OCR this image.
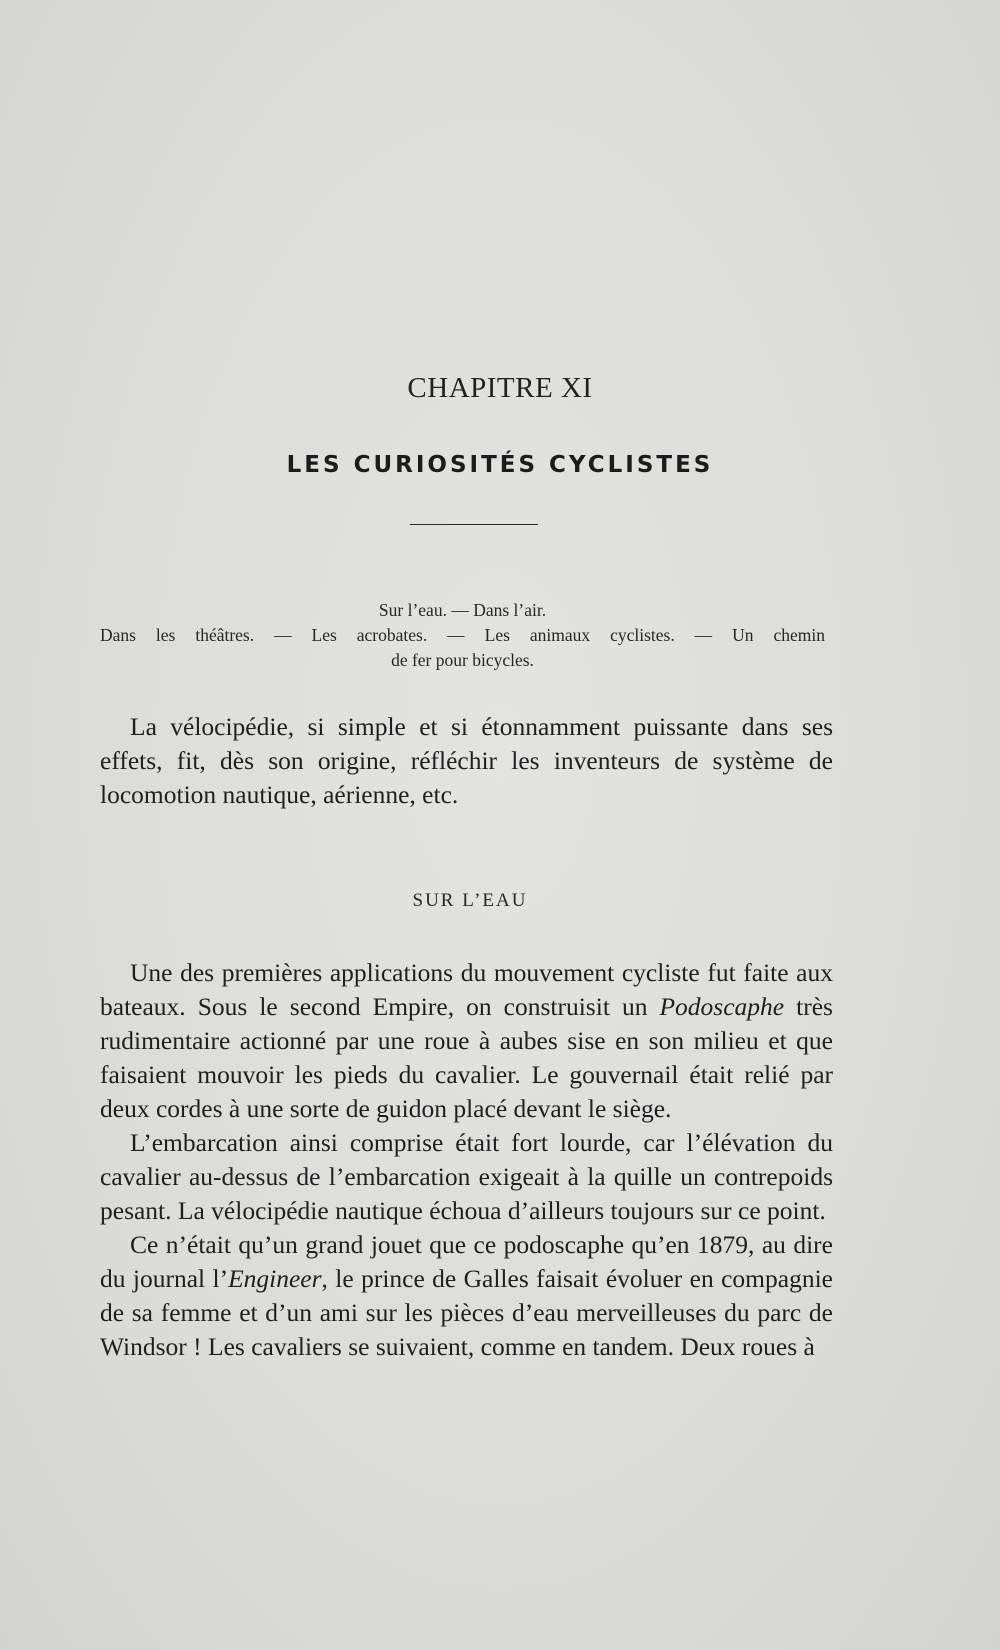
CHAPITRE XI
LES CURIOSITÉS CYCLISTES
Sur l’eau. — Dans l’air.
Dans les théâtres. — Les acrobates. — Les animaux cyclistes. — Un chemin
de fer pour bicycles.

La vélocipédie, si simple et si étonnamment puissante dans ses effets, fit, dès son origine, réfléchir les inventeurs de système de locomotion nautique, aérienne, etc.

SUR L’EAU

Une des premières applications du mouvement cycliste fut faite aux bateaux. Sous le second Empire, on construisit un Podoscaphe très rudimentaire actionné par une roue à aubes sise en son milieu et que faisaient mouvoir les pieds du cavalier. Le gouvernail était relié par deux cordes à une sorte de guidon placé devant le siège.

L’embarcation ainsi comprise était fort lourde, car l’élévation du cavalier au-dessus de l’embarcation exigeait à la quille un contrepoids pesant. La vélocipédie nautique échoua d’ailleurs toujours sur ce point.

Ce n’était qu’un grand jouet que ce podoscaphe qu’en 1879, au dire du journal l’Engineer, le prince de Galles faisait évoluer en compagnie de sa femme et d’un ami sur les pièces d’eau merveilleuses du parc de Windsor ! Les cavaliers se suivaient, comme en tandem. Deux roues à
